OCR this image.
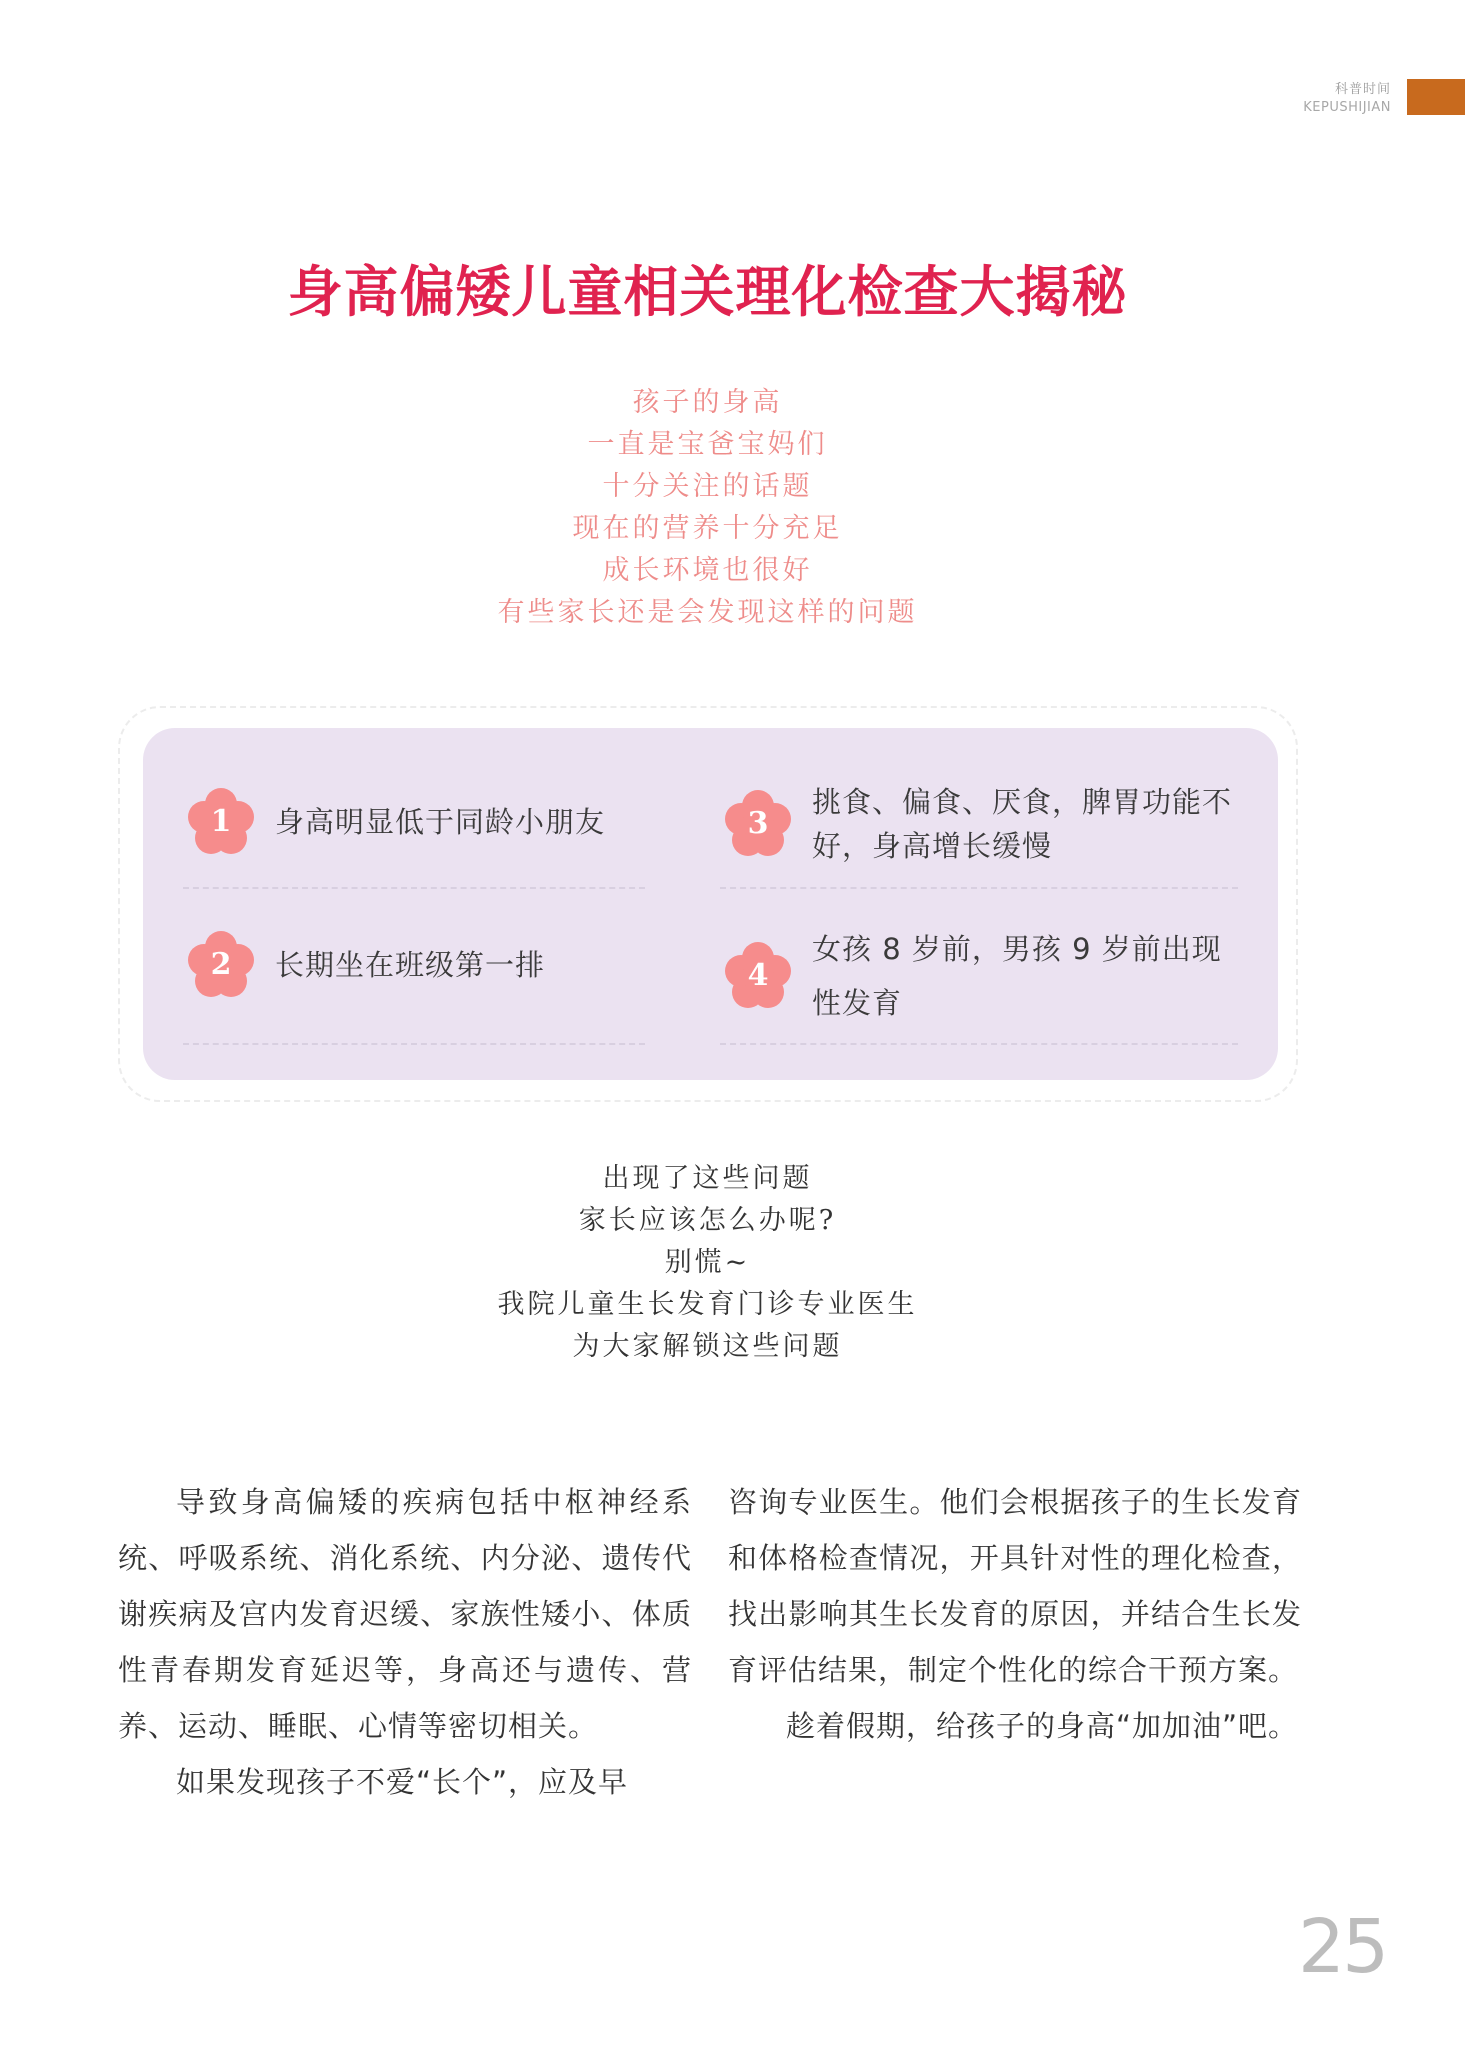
科普时间
KEPUSHIJIAN
身高偏矮儿童相关理化检查大揭秘
孩子的身高
一直是宝爸宝妈们
十分关注的话题
现在的营养十分充足
成长环境也很好
有些家长还是会发现这样的问题
1	身高明显低于同龄小朋友
2	长期坐在班级第一排
3
挑食、偏食、厌食，脾胃功能不好，身高增长缓慢
4
女孩 8 岁前，男孩 9 岁前出现性发育
出现了这些问题
家长应该怎么办呢?
别慌~
我院儿童生长发育门诊专业医生
为大家解锁这些问题

导致身高偏矮的疾病包括中枢神经系统、呼吸系统、消化系统、内分泌、遗传代谢疾病及宫内发育迟缓、家族性矮小、体质性青春期发育延迟等，身高还与遗传、营养、运动、睡眠、心情等密切相关。

如果发现孩子不爱“长个”，应及早

咨询专业医生。他们会根据孩子的生长发育和体格检查情况，开具针对性的理化检查，找出影响其生长发育的原因，并结合生长发育评估结果，制定个性化的综合干预方案。

趁着假期，给孩子的身高“加加油”吧。

25
